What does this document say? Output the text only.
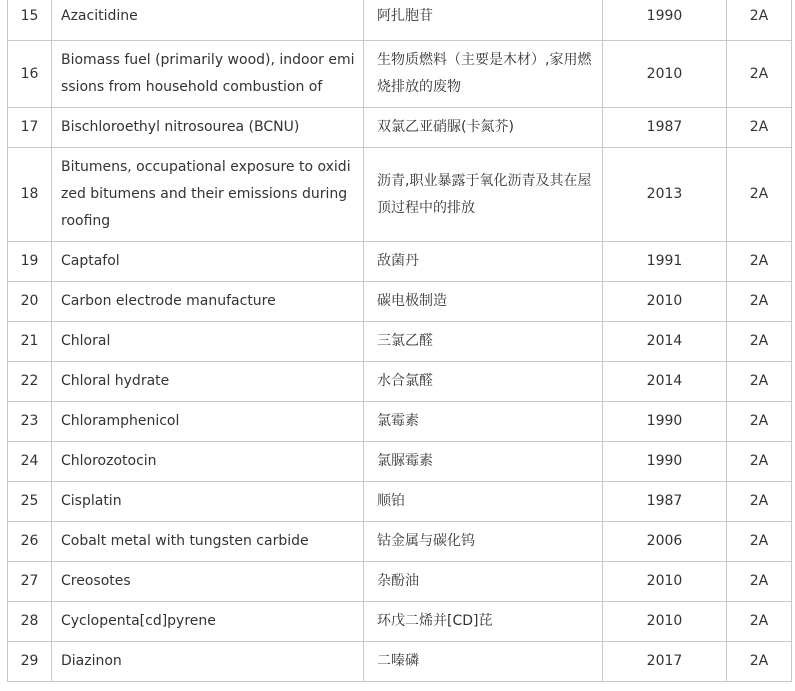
15	Azacitidine	阿扎胞苷	1990	2A
16	Biomass fuel (primarily wood), indoor emissions from household combustion of	生物质燃料（主要是木材）,家用燃烧排放的废物	2010	2A
17	Bischloroethyl nitrosourea (BCNU)	双氯乙亚硝脲(卡氮芥)	1987	2A
18	Bitumens, occupational exposure to oxidized bitumens and their emissions during roofing	沥青,职业暴露于氧化沥青及其在屋顶过程中的排放	2013	2A
19	Captafol	敌菌丹	1991	2A
20	Carbon electrode manufacture	碳电极制造	2010	2A
21	Chloral	三氯乙醛	2014	2A
22	Chloral hydrate	水合氯醛	2014	2A
23	Chloramphenicol	氯霉素	1990	2A
24	Chlorozotocin	氯脲霉素	1990	2A
25	Cisplatin	顺铂	1987	2A
26	Cobalt metal with tungsten carbide	钴金属与碳化钨	2006	2A
27	Creosotes	杂酚油	2010	2A
28	Cyclopenta[cd]pyrene	环戊二烯并[CD]芘	2010	2A
29	Diazinon	二嗪磷	2017	2A
